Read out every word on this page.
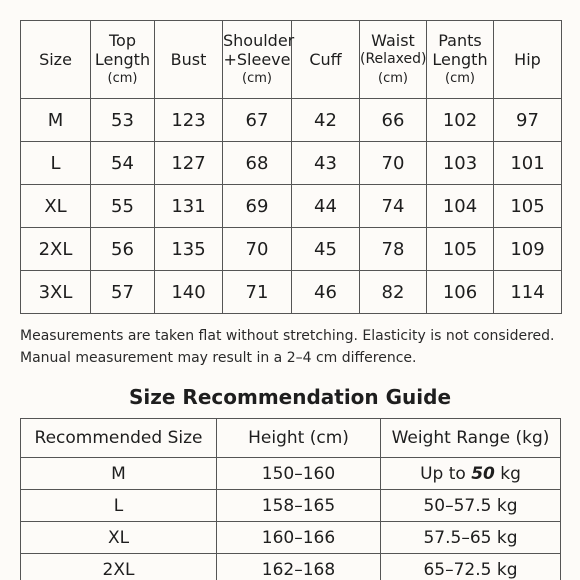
Size	Top
Length
(cm)	Bust	Shoulder
+Sleeve
(cm)	Cuff	Waist
(Relaxed)
(cm)	Pants
Length
(cm)	Hip

M	53	123	67	42	66	102	97
L	54	127	68	43	70	103	101
XL	55	131	69	44	74	104	105
2XL	56	135	70	45	78	105	109
3XL	57	140	71	46	82	106	114
Measurements are taken flat without stretching. Elasticity is not considered. Manual measurement may result in a 2–4 cm difference.
Size Recommendation Guide
Recommended Size	Height (cm)	Weight Range (kg)
M	150–160	Up to 50 kg
L	158–165	50–57.5 kg
XL	160–166	57.5–65 kg
2XL	162–168	65–72.5 kg
